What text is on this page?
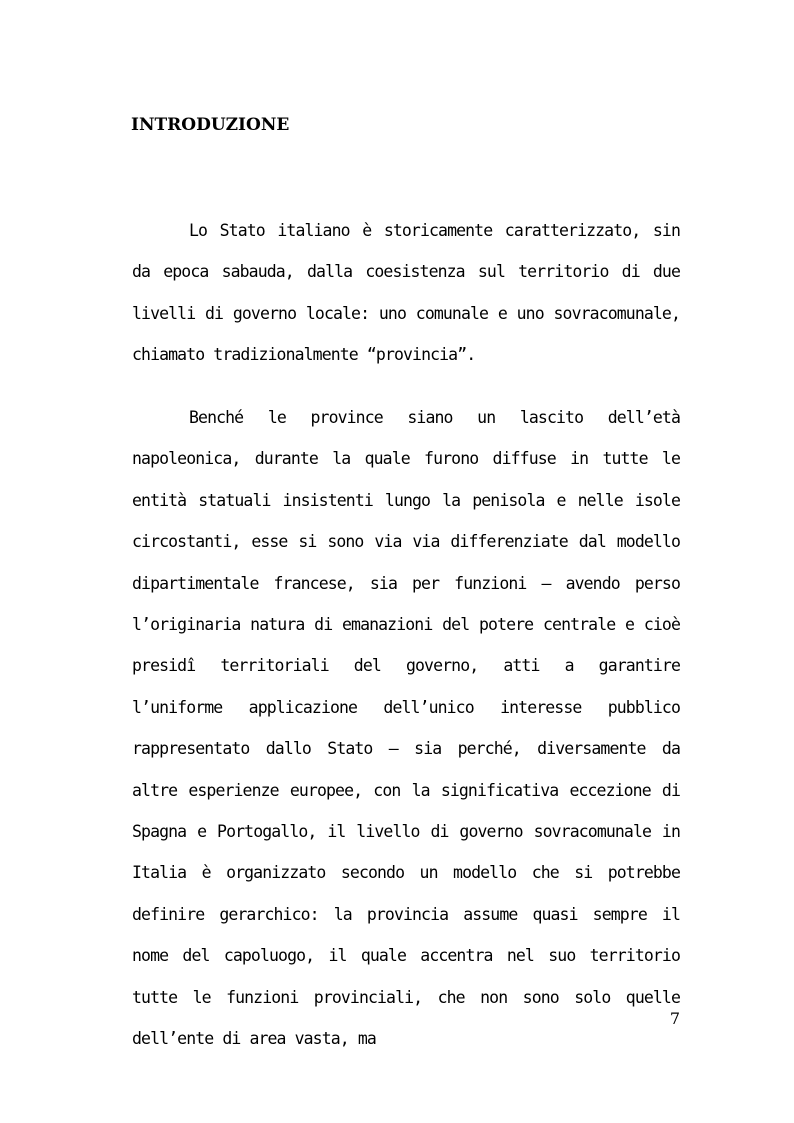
INTRODUZIONE

Lo Stato italiano è storicamente caratterizzato, sin da epoca sabauda, dalla coesistenza sul territorio di due livelli di governo locale: uno comunale e uno sovracomunale, chiamato tradizionalmente “provincia”.

Benché le province siano un lascito dell’età napoleonica, durante la quale furono diffuse in tutte le entità statuali insistenti lungo la penisola e nelle isole circostanti, esse si sono via via differenziate dal modello dipartimentale francese, sia per funzioni – avendo perso l’originaria natura di emanazioni del potere centrale e cioè presidî territoriali del governo, atti a garantire l’uniforme applicazione dell’unico interesse pubblico rappresentato dallo Stato – sia perché, diversamente da altre esperienze europee, con la significativa eccezione di Spagna e Portogallo, il livello di governo sovracomunale in Italia è organizzato secondo un modello che si potrebbe definire gerarchico: la provincia assume quasi sempre il nome del capoluogo, il quale accentra nel suo territorio tutte le funzioni provinciali, che non sono solo quelle dell’ente di area vasta, ma

7
